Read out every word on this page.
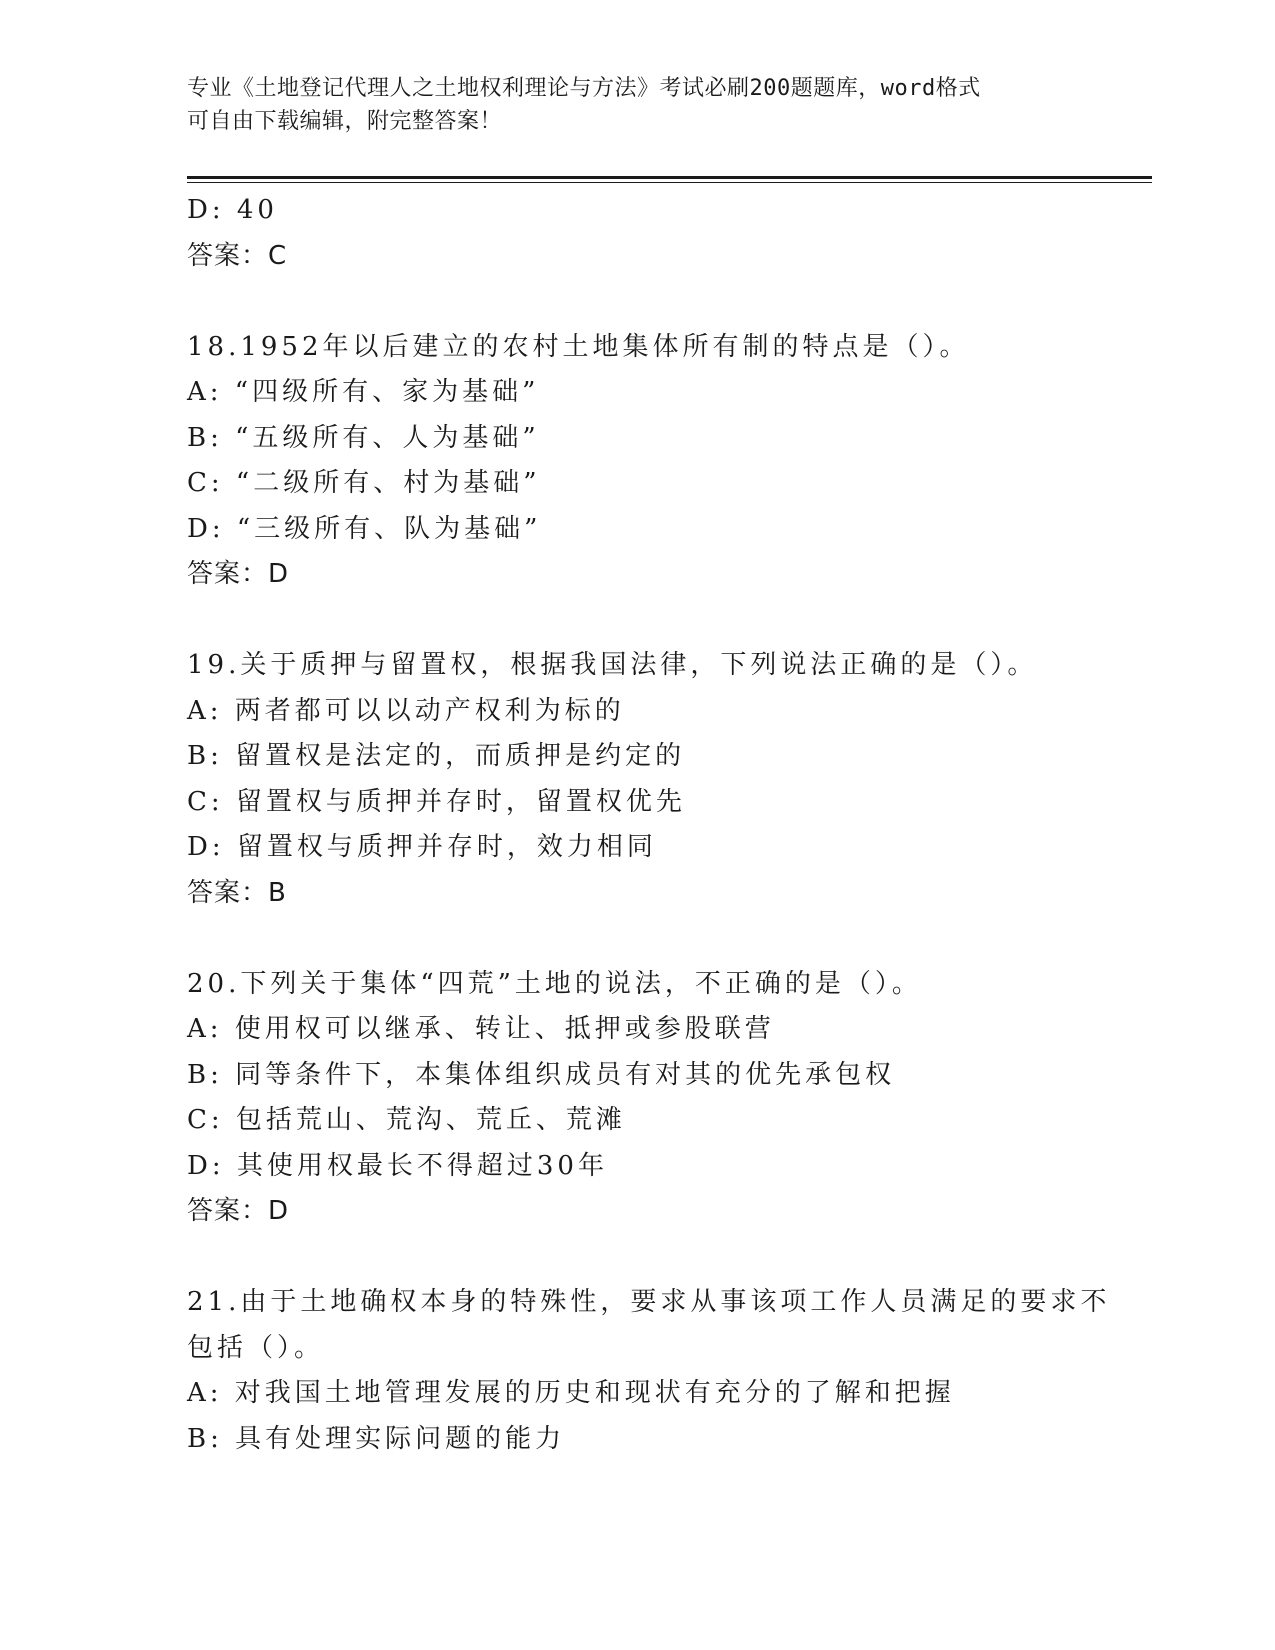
专业《土地登记代理人之土地权利理论与方法》考试必刷200题题库，word格式
可自由下载编辑，附完整答案！
D: 40
答案：C
18.1952年以后建立的农村土地集体所有制的特点是（）。
A: “四级所有、家为基础”
B: “五级所有、人为基础”
C: “二级所有、村为基础”
D: “三级所有、队为基础”
答案：D
19.关于质押与留置权，根据我国法律，下列说法正确的是（）。
A: 两者都可以以动产权利为标的
B: 留置权是法定的，而质押是约定的
C: 留置权与质押并存时，留置权优先
D: 留置权与质押并存时，效力相同
答案：B
20.下列关于集体“四荒”土地的说法，不正确的是（）。
A: 使用权可以继承、转让、抵押或参股联营
B: 同等条件下，本集体组织成员有对其的优先承包权
C: 包括荒山、荒沟、荒丘、荒滩
D: 其使用权最长不得超过30年
答案：D
21.由于土地确权本身的特殊性，要求从事该项工作人员满足的要求不
包括（）。
A: 对我国土地管理发展的历史和现状有充分的了解和把握
B: 具有处理实际问题的能力
